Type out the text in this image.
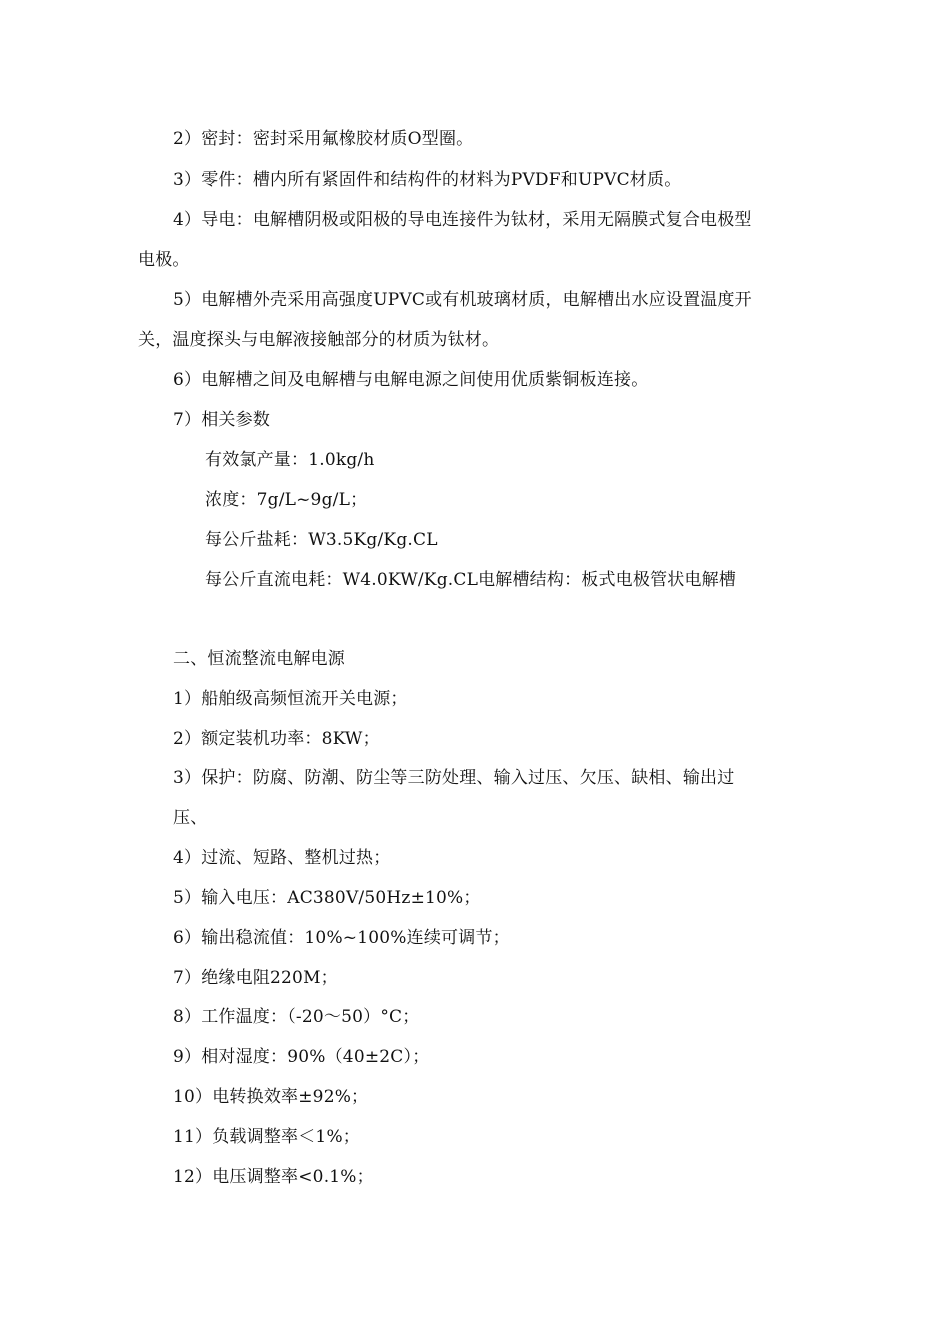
2）密封：密封采用氟橡胶材质O型圈。
3）零件：槽内所有紧固件和结构件的材料为PVDF和UPVC材质。
4）导电：电解槽阴极或阳极的导电连接件为钛材，采用无隔膜式复合电极型
电极。
5）电解槽外壳采用高强度UPVC或有机玻璃材质，电解槽出水应设置温度开
关，温度探头与电解液接触部分的材质为钛材。
6）电解槽之间及电解槽与电解电源之间使用优质紫铜板连接。
7）相关参数
有效氯产量：1.0kg/h
浓度：7g/L~9g/L；
每公斤盐耗：W3.5Kg/Kg.CL
每公斤直流电耗：W4.0KW/Kg.CL电解槽结构：板式电极管状电解槽
二、恒流整流电解电源
1）船舶级高频恒流开关电源；
2）额定装机功率：8KW；
3）保护：防腐、防潮、防尘等三防处理、输入过压、欠压、缺相、输出过
压、
4）过流、短路、整机过热；
5）输入电压：AC380V/50Hz±10%；
6）输出稳流值：10%~100%连续可调节；
7）绝缘电阻220M；
8）工作温度：（-20～50）°C；
9）相对湿度：90%（40±2C）；
10）电转换效率±92%；
11）负载调整率＜1%；
12）电压调整率<0.1%；
